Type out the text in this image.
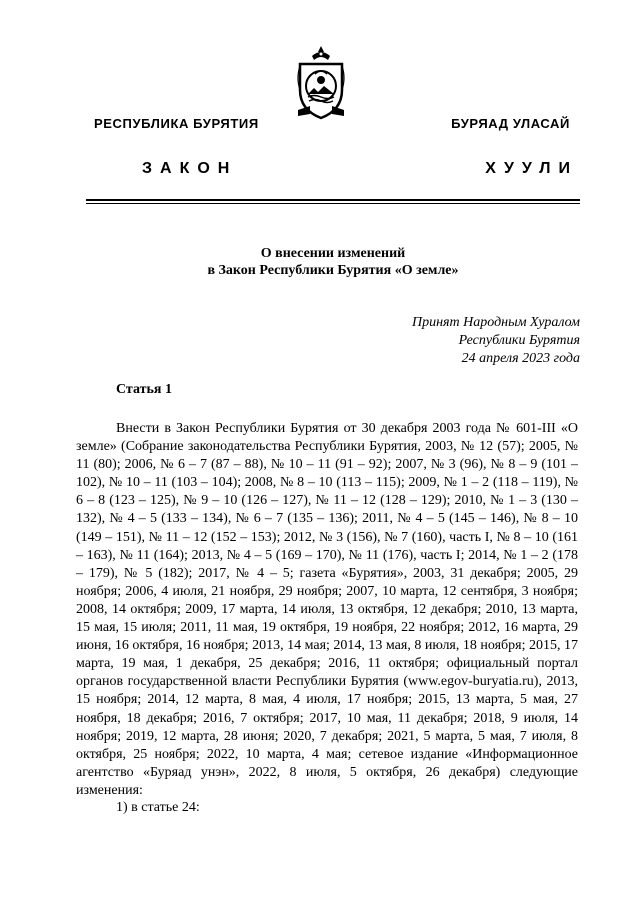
РЕСПУБЛИКА БУРЯТИЯ	БУРЯАД УЛАСАЙ
ЗАКОН	ХУУЛИ
О внесении изменений
в Закон Республики Бурятия «О земле»
Принят Народным Хуралом
Республики Бурятия
24 апреля 2023 года
Статья 1

Внести в Закон Республики Бурятия от 30 декабря 2003 года № 601-III «О земле» (Собрание законодательства Республики Бурятия, 2003, № 12 (57); 2005, № 11 (80); 2006, № 6 – 7 (87 – 88), № 10 – 11 (91 – 92); 2007, № 3 (96), № 8 – 9 (101 – 102), № 10 – 11 (103 – 104); 2008, № 8 – 10 (113 – 115); 2009, № 1 – 2 (118 – 119), № 6 – 8 (123 – 125), № 9 – 10 (126 – 127), № 11 – 12 (128 – 129); 2010, № 1 – 3 (130 – 132), № 4 – 5 (133 – 134), № 6 – 7 (135 – 136); 2011, № 4 – 5 (145 – 146), № 8 – 10 (149 – 151), № 11 – 12 (152 – 153); 2012, № 3 (156), № 7 (160), часть I, № 8 – 10 (161 – 163), № 11 (164); 2013, № 4 – 5 (169 – 170), № 11 (176), часть I; 2014, № 1 – 2 (178 – 179), № 5 (182); 2017, № 4 – 5; газета «Бурятия», 2003, 31 декабря; 2005, 29 ноября; 2006, 4 июля, 21 ноября, 29 ноября; 2007, 10 марта, 12 сентября, 3 ноября; 2008, 14 октября; 2009, 17 марта, 14 июля, 13 октября, 12 декабря; 2010, 13 марта, 15 мая, 15 июля; 2011, 11 мая, 19 октября, 19 ноября, 22 ноября; 2012, 16 марта, 29 июня, 16 октября, 16 ноября; 2013, 14 мая; 2014, 13 мая, 8 июля, 18 ноября; 2015, 17 марта, 19 мая, 1 декабря, 25 декабря; 2016, 11 октября; официальный портал органов государственной власти Республики Бурятия (www.egov-buryatia.ru), 2013, 15 ноября; 2014, 12 марта, 8 мая, 4 июля, 17 ноября; 2015, 13 марта, 5 мая, 27 ноября, 18 декабря; 2016, 7 октября; 2017, 10 мая, 11 декабря; 2018, 9 июля, 14 ноября; 2019, 12 марта, 28 июня; 2020, 7 декабря; 2021, 5 марта, 5 мая, 7 июля, 8 октября, 25 ноября; 2022, 10 марта, 4 мая; сетевое издание «Информационное агентство «Буряад унэн», 2022, 8 июля, 5 октября, 26 декабря) следующие изменения:

1) в статье 24:
